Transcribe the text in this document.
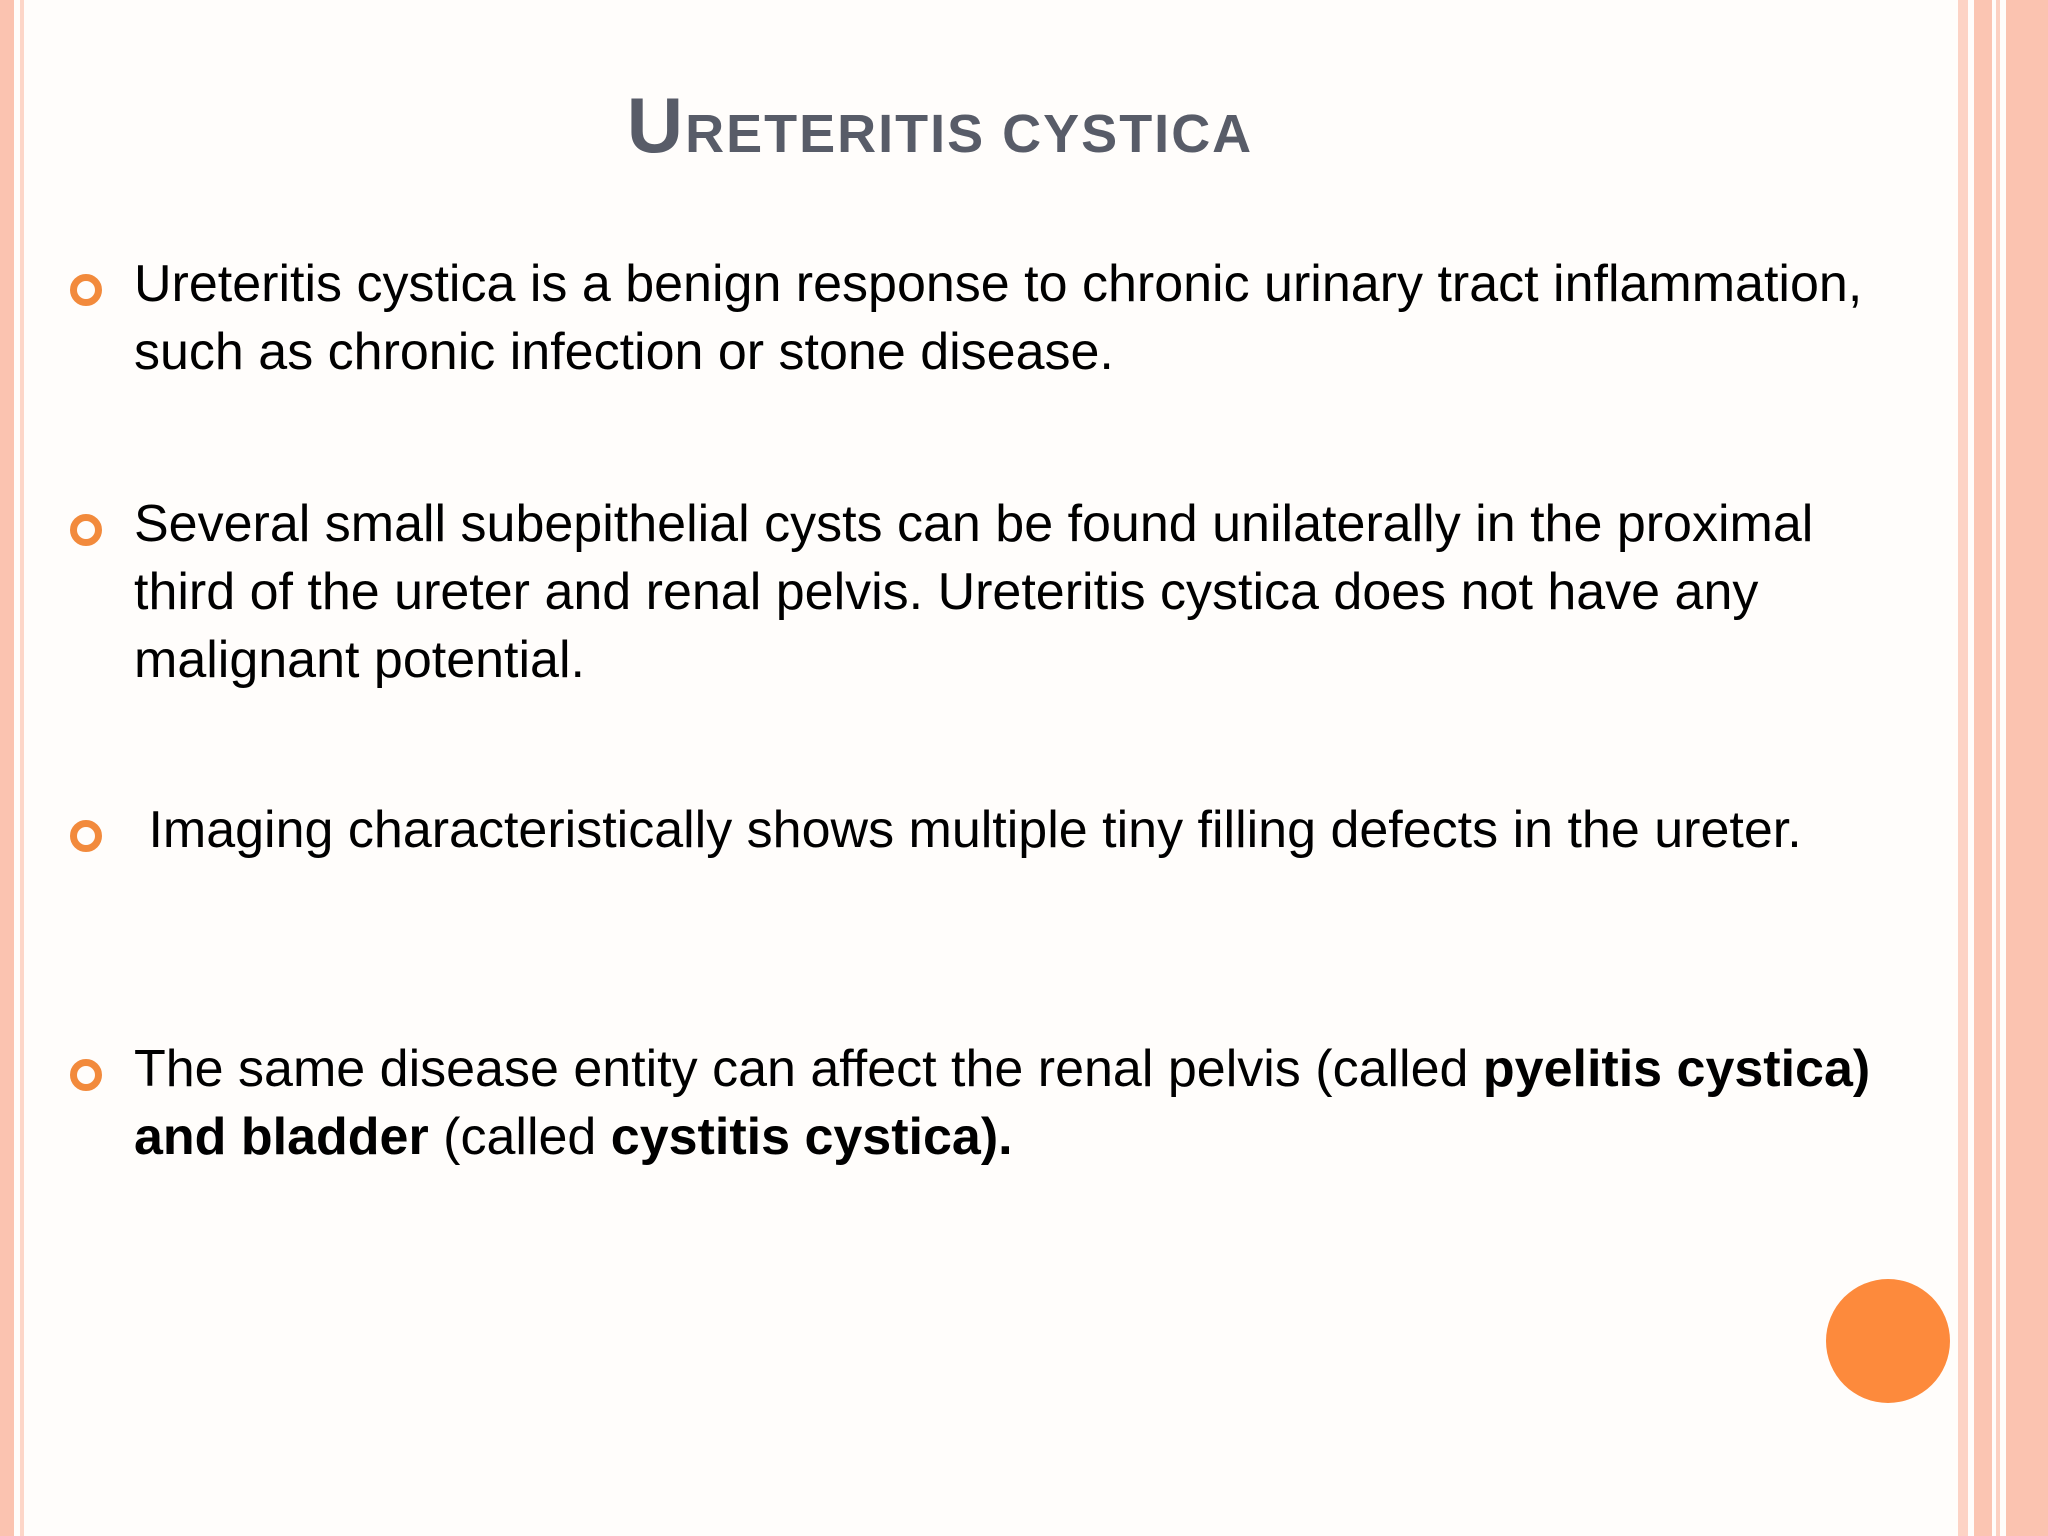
URETERITIS CYSTICA
Ureteritis cystica is a benign response to chronic urinary tract inflammation, such as chronic infection or stone disease.
Several small subepithelial cysts can be found unilaterally in the proximal third of the ureter and renal pelvis. Ureteritis cystica does not have any malignant potential.
Imaging characteristically shows multiple tiny filling defects in the ureter.
The same disease entity can affect the renal pelvis (called pyelitis cystica) and bladder (called cystitis cystica).
